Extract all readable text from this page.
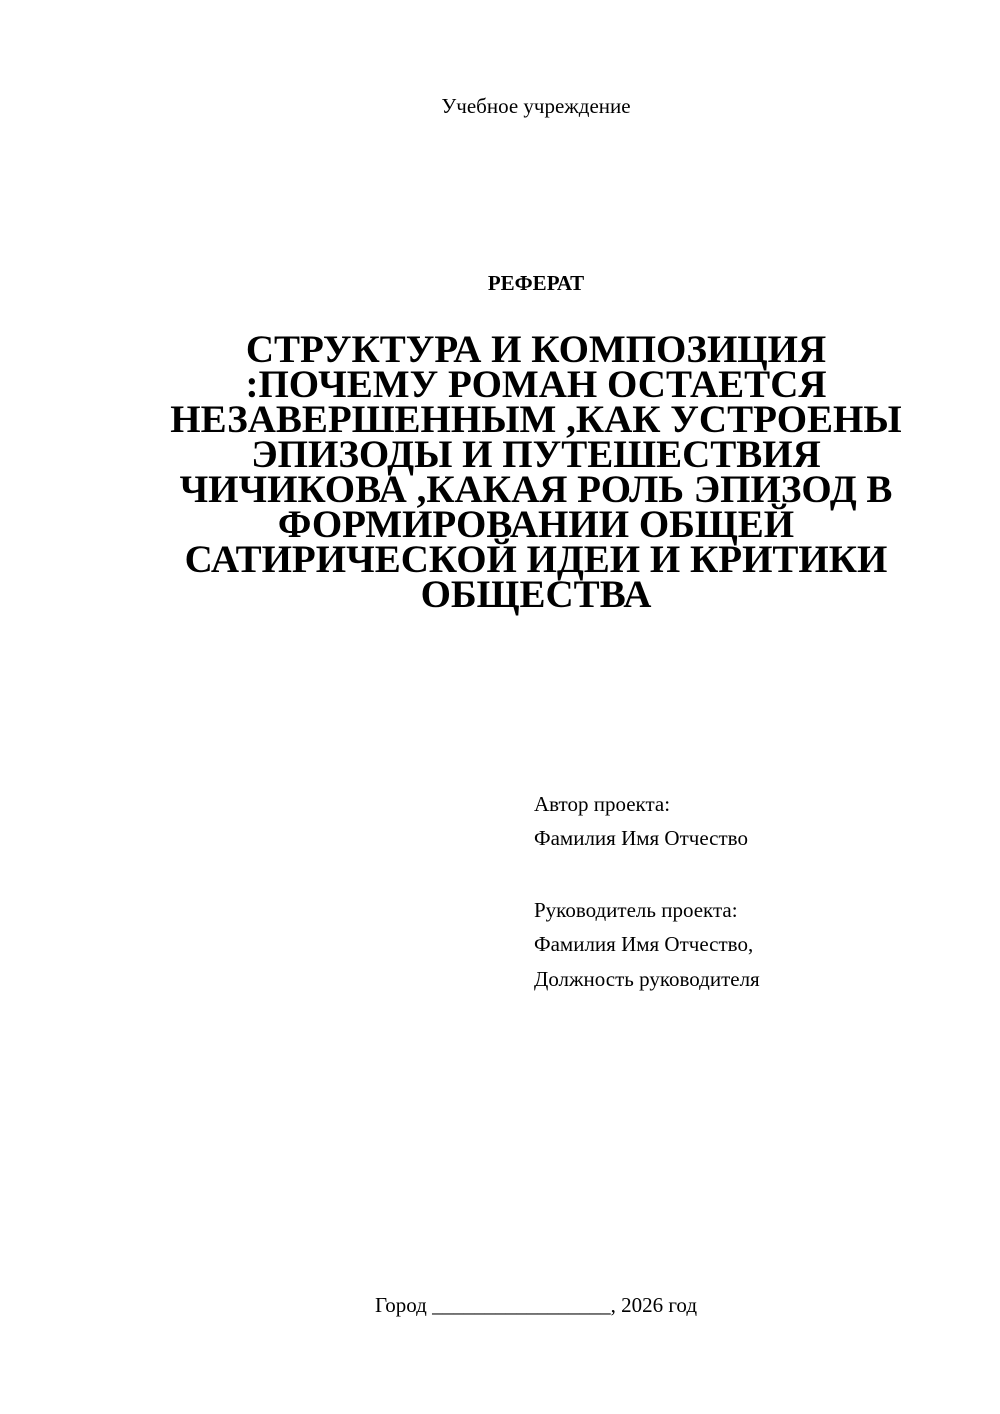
Учебное учреждение
РЕФЕРАТ
СТРУКТУРА И КОМПОЗИЦИЯ
:ПОЧЕМУ РОМАН ОСТАЕТСЯ
НЕЗАВЕРШЕННЫМ ,КАК УСТРОЕНЫ
ЭПИЗОДЫ И ПУТЕШЕСТВИЯ
ЧИЧИКОВА ,КАКАЯ РОЛЬ ЭПИЗОД В
ФОРМИРОВАНИИ ОБЩЕЙ
САТИРИЧЕСКОЙ ИДЕИ И КРИТИКИ
ОБЩЕСТВА
Автор проекта:
Фамилия Имя Отчество
Руководитель проекта:
Фамилия Имя Отчество,
Должность руководителя
Город _________________, 2026 год
